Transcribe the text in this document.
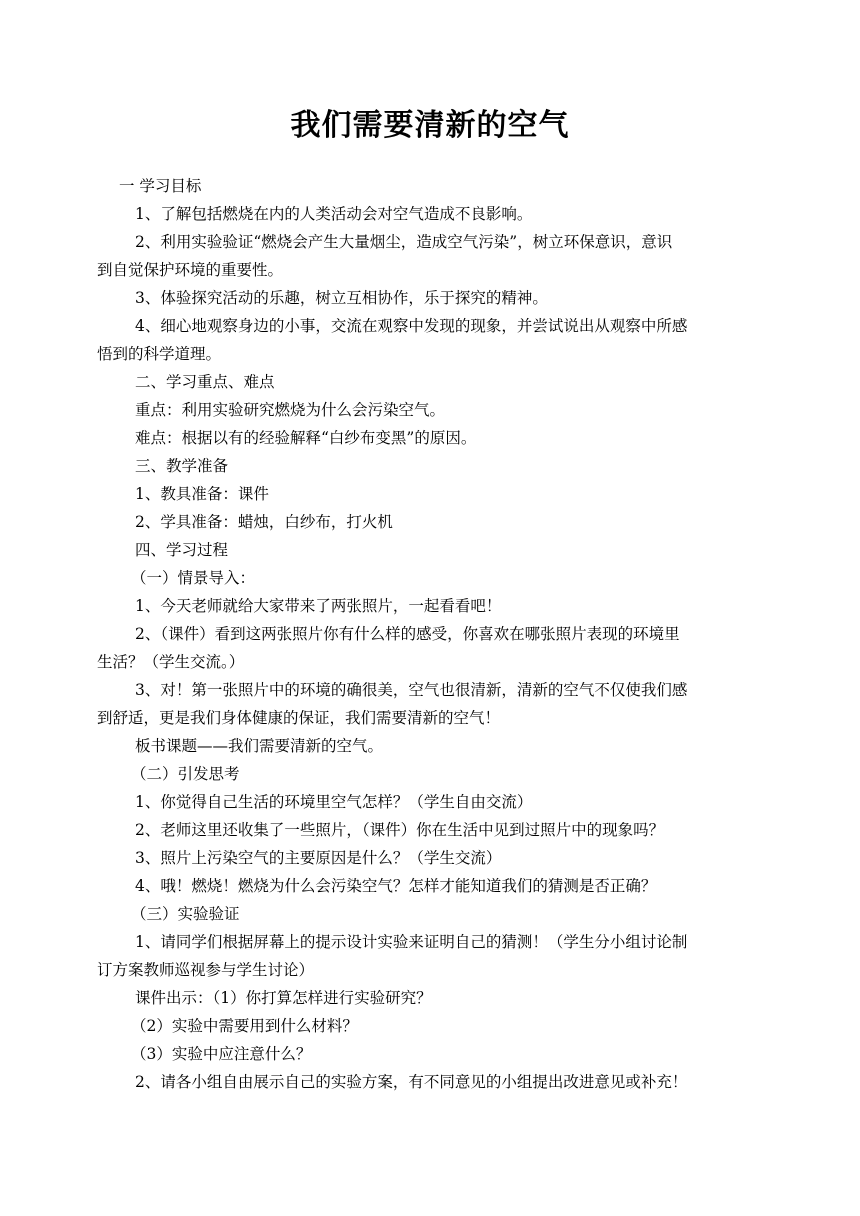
我们需要清新的空气
一 学习目标
1、了解包括燃烧在内的人类活动会对空气造成不良影响。
2、利用实验验证“燃烧会产生大量烟尘，造成空气污染”，树立环保意识，意识
到自觉保护环境的重要性。
3、体验探究活动的乐趣，树立互相协作，乐于探究的精神。
4、细心地观察身边的小事，交流在观察中发现的现象，并尝试说出从观察中所感
悟到的科学道理。
二、学习重点、难点
重点：利用实验研究燃烧为什么会污染空气。
难点：根据以有的经验解释“白纱布变黑”的原因。
三、教学准备
1、教具准备：课件
2、学具准备：蜡烛，白纱布，打火机
四、学习过程
（一）情景导入：
1、今天老师就给大家带来了两张照片，一起看看吧！
2、（课件）看到这两张照片你有什么样的感受，你喜欢在哪张照片表现的环境里
生活？（学生交流。）
3、对！第一张照片中的环境的确很美，空气也很清新，清新的空气不仅使我们感
到舒适，更是我们身体健康的保证，我们需要清新的空气！
板书课题——我们需要清新的空气。
（二）引发思考
1、你觉得自己生活的环境里空气怎样？（学生自由交流）
2、老师这里还收集了一些照片，（课件）你在生活中见到过照片中的现象吗？
3、照片上污染空气的主要原因是什么？（学生交流）
4、哦！燃烧！燃烧为什么会污染空气？怎样才能知道我们的猜测是否正确？
（三）实验验证
1、请同学们根据屏幕上的提示设计实验来证明自己的猜测！（学生分小组讨论制
订方案教师巡视参与学生讨论）
课件出示：（1）你打算怎样进行实验研究？
（2）实验中需要用到什么材料？
（3）实验中应注意什么？
2、请各小组自由展示自己的实验方案，有不同意见的小组提出改进意见或补充！
